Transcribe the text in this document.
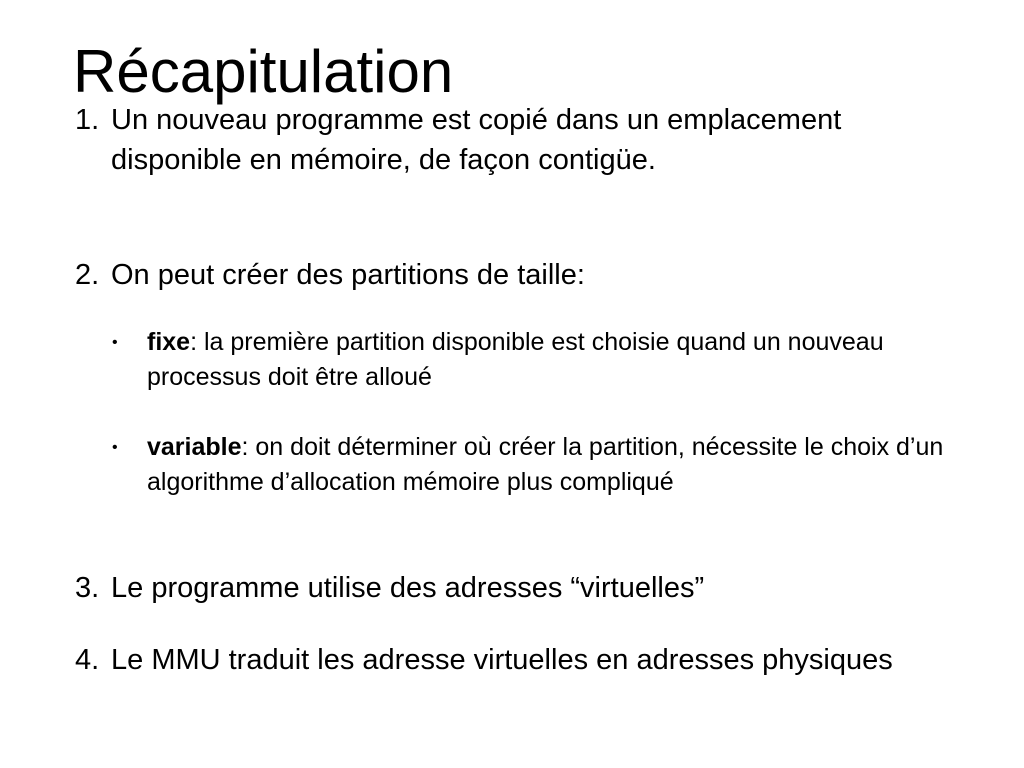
Récapitulation
1. Un nouveau programme est copié dans un emplacement disponible en mémoire, de façon contigüe.
2. On peut créer des partitions de taille:
• fixe: la première partition disponible est choisie quand un nouveau processus doit être alloué
• variable: on doit déterminer où créer la partition, nécessite le choix d’un algorithme d’allocation mémoire plus compliqué
3. Le programme utilise des adresses “virtuelles”
4. Le MMU traduit les adresse virtuelles en adresses physiques
